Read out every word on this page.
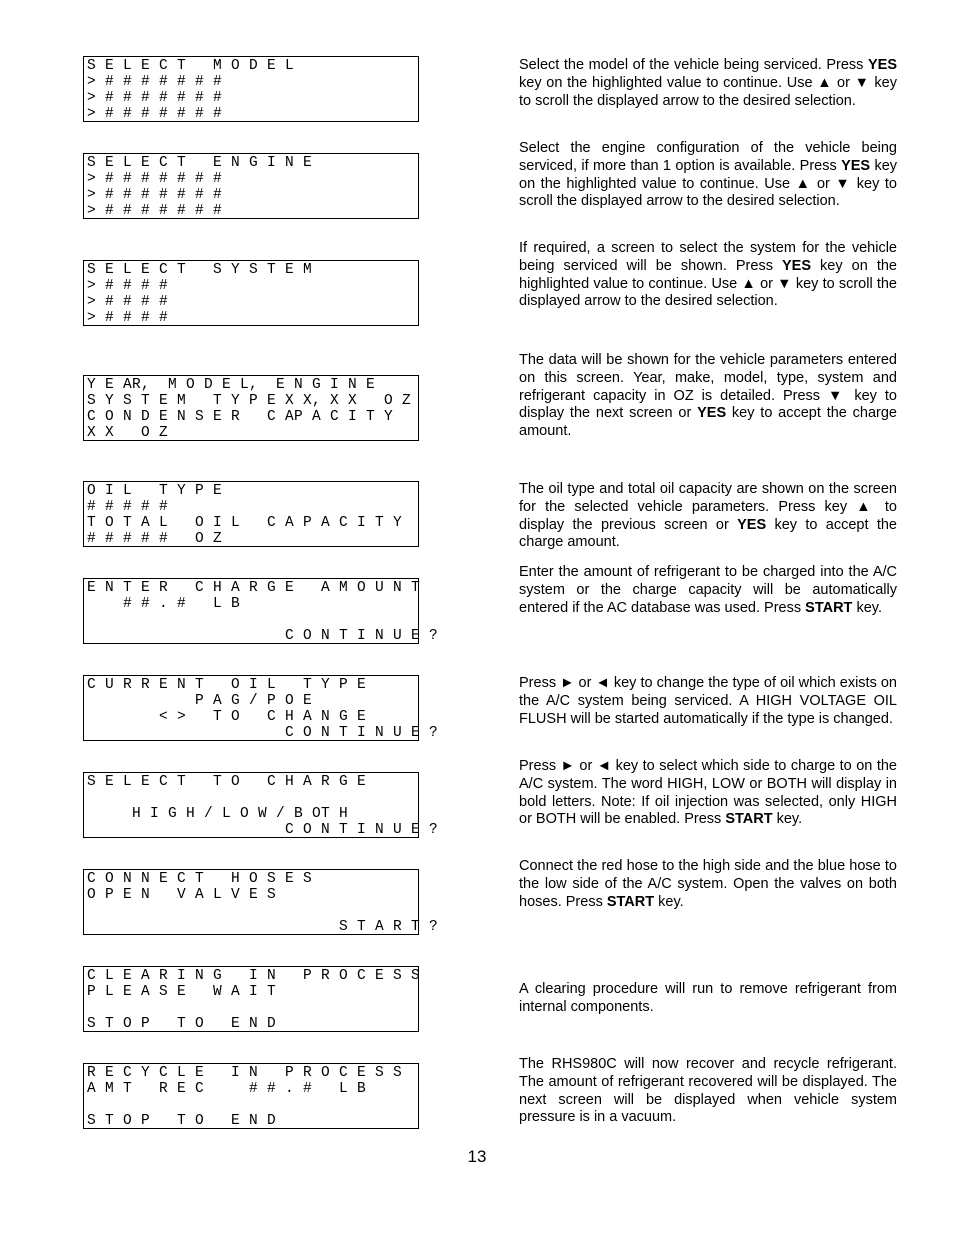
S E L E C T   M O D E L
> # # # # # # #
> # # # # # # #
> # # # # # # #
S E L E C T   E N G I N E
> # # # # # # #
> # # # # # # #
> # # # # # # #
S E L E C T   S Y S T E M
> # # # #
> # # # #
> # # # #
Y E AR,  M O D E L,  E N G I N E
S Y S T E M   T Y P E X X, X X   O Z
C O N D E N S E R   C AP A C I T Y
X X   O Z
O I L   T Y P E
# # # # #
T O T A L   O I L   C A P A C I T Y
# # # # #   O Z
E N T E R   C H A R G E   A M O U N T
# # . #   L B
C O N T I N U E ?
C U R R E N T   O I L   T Y P E
P A G / P O E
< >   T O   C H A N G E
C O N T I N U E ?
S E L E C T   T O   C H A R G E
H I G H / L O W / B OT H
C O N T I N U E ?
C O N N E C T   H O S E S
O P E N   V A L V E S
S T A R T ?
C L E A R I N G   I N   P R O C E S S
P L E A S E   W A I T
S T O P   T O   E N D
R E C Y C L E   I N   P R O C E S S
A M T   R E C     # # . #   L B
S T O P   T O   E N D
Select the model of the vehicle being serviced. Press YES key on the highlighted value to continue. Use ▲ or ▼ key to scroll the displayed arrow to the desired selection.
Select the engine configuration of the vehicle being serviced, if more than 1 option is available. Press YES key on the highlighted value to continue. Use ▲ or ▼ key to scroll the displayed arrow to the desired selection.
If required, a screen to select the system for the vehicle being serviced will be shown. Press YES key on the highlighted value to continue. Use ▲ or ▼ key to scroll the displayed arrow to the desired selection.
The data will be shown for the vehicle parameters entered on this screen. Year, make, model, type, system and refrigerant capacity in OZ is detailed. Press ▼ key to display the next screen or YES key to accept the charge amount.
The oil type and total oil capacity are shown on the screen for the selected vehicle parameters. Press key ▲ to display the previous screen or YES key to accept the charge amount.
Enter the amount of refrigerant to be charged into the A/C system or the charge capacity will be automatically entered if the AC database was used. Press START key.
Press ► or ◄ key to change the type of oil which exists on the A/C system being serviced. A HIGH VOLTAGE OIL FLUSH will be started automatically if the type is changed.
Press ► or ◄ key to select which side to charge to on the A/C system. The word HIGH, LOW or BOTH will display in bold letters. Note: If oil injection was selected, only HIGH or BOTH will be enabled. Press START key.
Connect the red hose to the high side and the blue hose to the low side of the A/C system. Open the valves on both hoses. Press START key.
A clearing procedure will run to remove refrigerant from internal components.
The RHS980C will now recover and recycle refrigerant. The amount of refrigerant recovered will be displayed. The next screen will be displayed when vehicle system pressure is in a vacuum.
13
